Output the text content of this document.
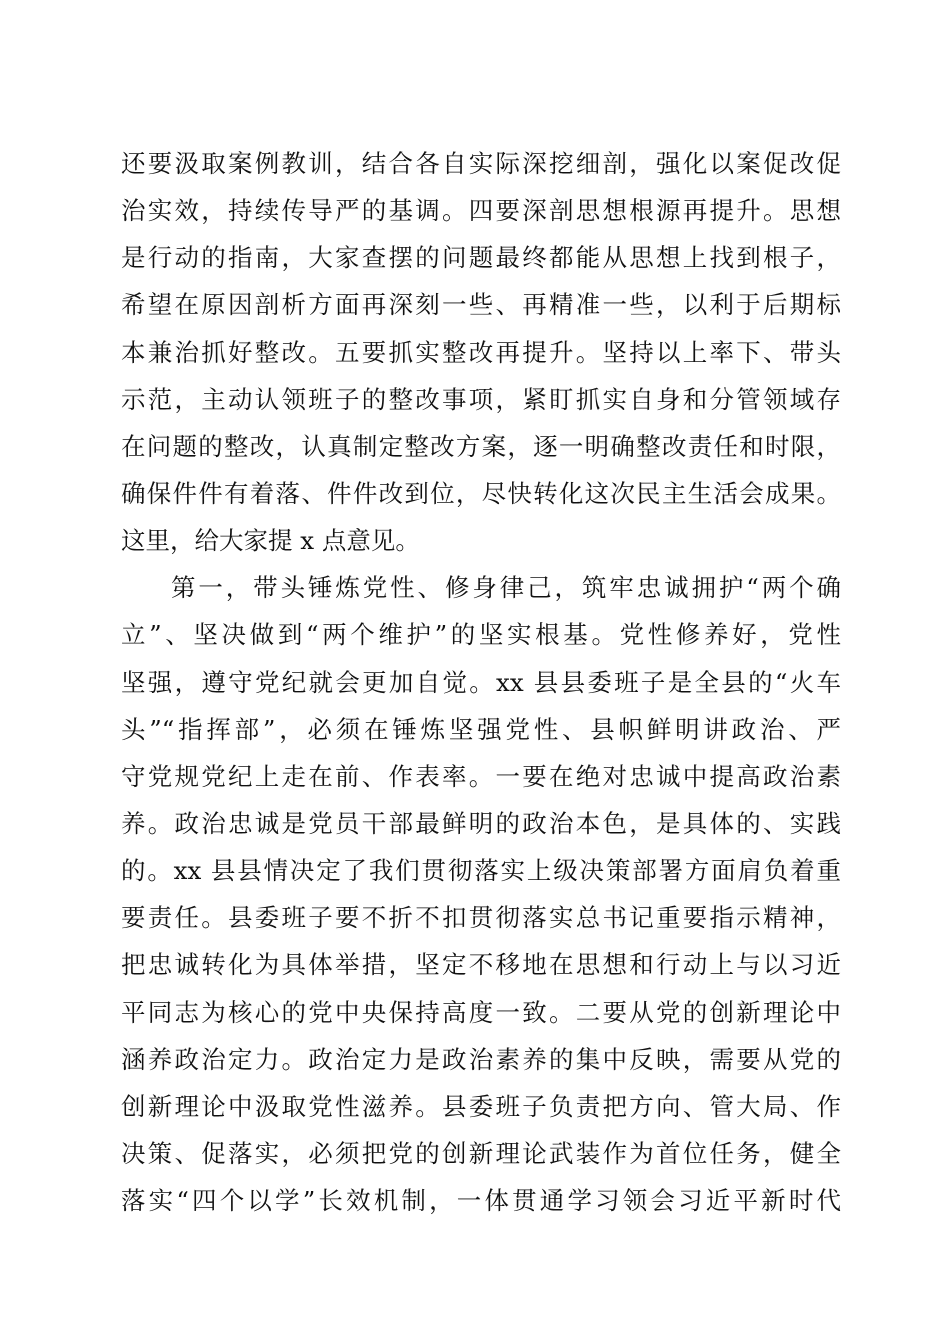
还要汲取案例教训，结合各自实际深挖细剖，强化以案促改促
治实效，持续传导严的基调。四要深剖思想根源再提升。思想
是行动的指南，大家查摆的问题最终都能从思想上找到根子，
希望在原因剖析方面再深刻一些、再精准一些，以利于后期标
本兼治抓好整改。五要抓实整改再提升。坚持以上率下、带头
示范，主动认领班子的整改事项，紧盯抓实自身和分管领域存
在问题的整改，认真制定整改方案，逐一明确整改责任和时限，
确保件件有着落、件件改到位，尽快转化这次民主生活会成果。
这里，给大家提 x 点意见。
第一，带头锤炼党性、修身律己，筑牢忠诚拥护“两个确
立”、坚决做到“两个维护”的坚实根基。党性修养好，党性
坚强，遵守党纪就会更加自觉。xx 县县委班子是全县的“火车
头”“指挥部”，必须在锤炼坚强党性、县帜鲜明讲政治、严
守党规党纪上走在前、作表率。一要在绝对忠诚中提高政治素
养。政治忠诚是党员干部最鲜明的政治本色，是具体的、实践
的。xx 县县情决定了我们贯彻落实上级决策部署方面肩负着重
要责任。县委班子要不折不扣贯彻落实总书记重要指示精神，
把忠诚转化为具体举措，坚定不移地在思想和行动上与以习近
平同志为核心的党中央保持高度一致。二要从党的创新理论中
涵养政治定力。政治定力是政治素养的集中反映，需要从党的
创新理论中汲取党性滋养。县委班子负责把方向、管大局、作
决策、促落实，必须把党的创新理论武装作为首位任务，健全
落实“四个以学”长效机制，一体贯通学习领会习近平新时代
